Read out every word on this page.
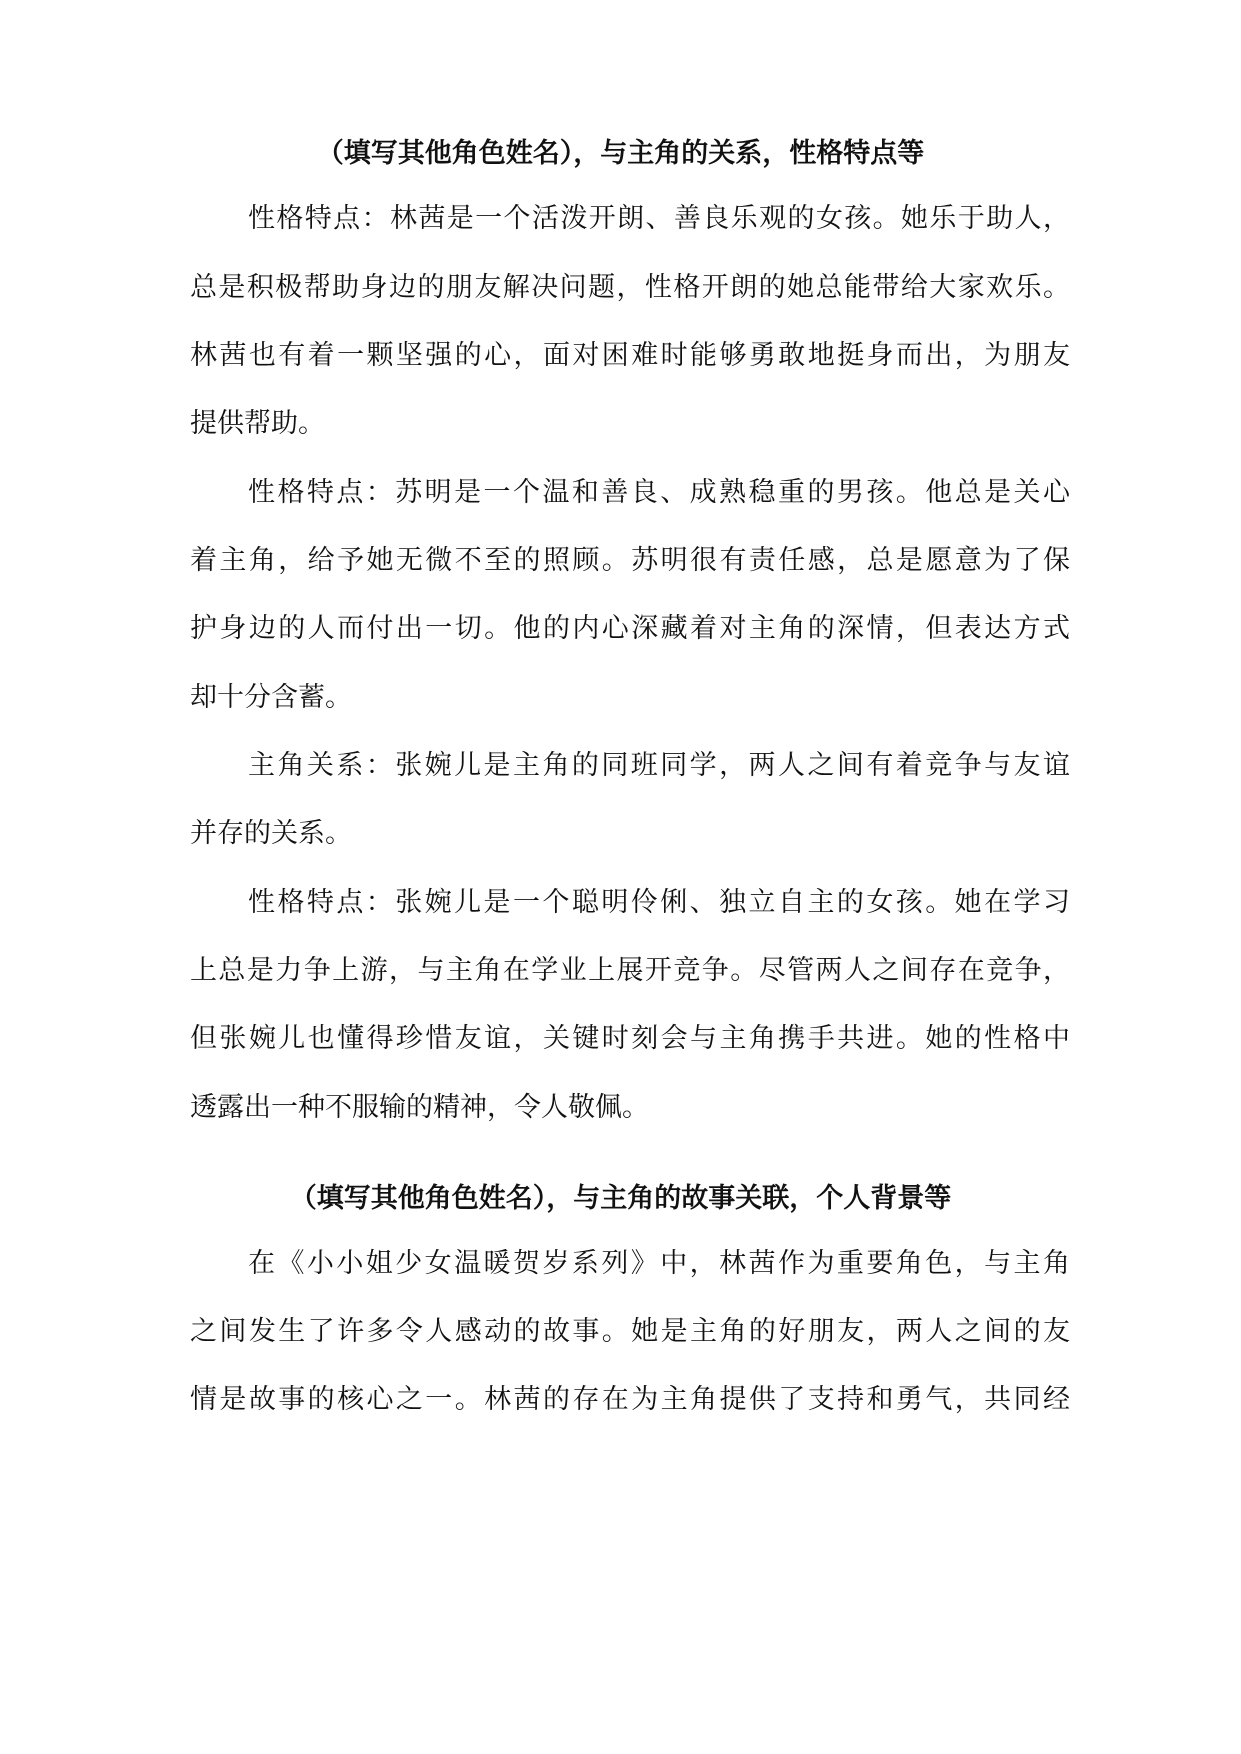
（填写其他角色姓名），与主角的关系，性格特点等
性格特点：林茜是一个活泼开朗、善良乐观的女孩。她乐于助人，
总是积极帮助身边的朋友解决问题，性格开朗的她总能带给大家欢乐。
林茜也有着一颗坚强的心，面对困难时能够勇敢地挺身而出，为朋友
提供帮助。
性格特点：苏明是一个温和善良、成熟稳重的男孩。他总是关心
着主角，给予她无微不至的照顾。苏明很有责任感，总是愿意为了保
护身边的人而付出一切。他的内心深藏着对主角的深情，但表达方式
却十分含蓄。
主角关系：张婉儿是主角的同班同学，两人之间有着竞争与友谊
并存的关系。
性格特点：张婉儿是一个聪明伶俐、独立自主的女孩。她在学习
上总是力争上游，与主角在学业上展开竞争。尽管两人之间存在竞争，
但张婉儿也懂得珍惜友谊，关键时刻会与主角携手共进。她的性格中
透露出一种不服输的精神，令人敬佩。
（填写其他角色姓名），与主角的故事关联，个人背景等
在《小小姐少女温暖贺岁系列》中，林茜作为重要角色，与主角
之间发生了许多令人感动的故事。她是主角的好朋友，两人之间的友
情是故事的核心之一。林茜的存在为主角提供了支持和勇气，共同经
